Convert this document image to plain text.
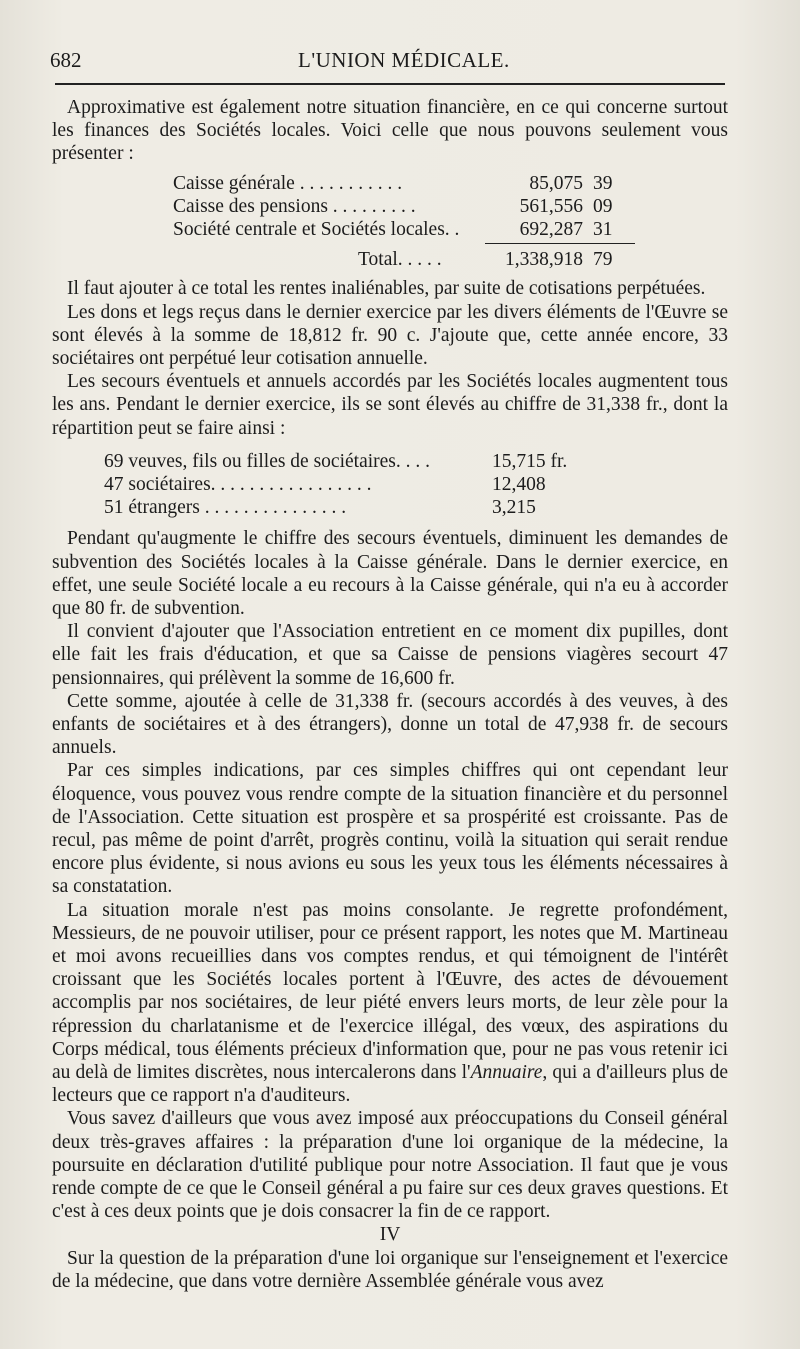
682	L'UNION MÉDICALE.

Approximative est également notre situation financière, en ce qui concerne surtout les finances des Sociétés locales. Voici celle que nous pouvons seulement vous présenter :

Caisse générale . . . . . . . . . . .	85,075 39
Caisse des pensions . . . . . . . . .	561,556 09
Société centrale et Sociétés locales. .	692,287 31
Total. . . . .	1,338,918 79

Il faut ajouter à ce total les rentes inaliénables, par suite de cotisations perpétuées.

Les dons et legs reçus dans le dernier exercice par les divers éléments de l'Œuvre se sont élevés à la somme de 18,812 fr. 90 c. J'ajoute que, cette année encore, 33 sociétaires ont perpétué leur cotisation annuelle.

Les secours éventuels et annuels accordés par les Sociétés locales augmentent tous les ans. Pendant le dernier exercice, ils se sont élevés au chiffre de 31,338 fr., dont la répartition peut se faire ainsi :

69 veuves, fils ou filles de sociétaires. . . .	15,715 fr.
47 sociétaires. . . . . . . . . . . . . . . . .	12,408
51 étrangers . . . . . . . . . . . . . . .	3,215

Pendant qu'augmente le chiffre des secours éventuels, diminuent les demandes de subvention des Sociétés locales à la Caisse générale. Dans le dernier exercice, en effet, une seule Société locale a eu recours à la Caisse générale, qui n'a eu à accorder que 80 fr. de subvention.

Il convient d'ajouter que l'Association entretient en ce moment dix pupilles, dont elle fait les frais d'éducation, et que sa Caisse de pensions viagères secourt 47 pensionnaires, qui prélèvent la somme de 16,600 fr.

Cette somme, ajoutée à celle de 31,338 fr. (secours accordés à des veuves, à des enfants de sociétaires et à des étrangers), donne un total de 47,938 fr. de secours annuels.

Par ces simples indications, par ces simples chiffres qui ont cependant leur éloquence, vous pouvez vous rendre compte de la situation financière et du personnel de l'Association. Cette situation est prospère et sa prospérité est croissante. Pas de recul, pas même de point d'arrêt, progrès continu, voilà la situation qui serait rendue encore plus évidente, si nous avions eu sous les yeux tous les éléments nécessaires à sa constatation.

La situation morale n'est pas moins consolante. Je regrette profondément, Messieurs, de ne pouvoir utiliser, pour ce présent rapport, les notes que M. Martineau et moi avons recueillies dans vos comptes rendus, et qui témoignent de l'intérêt croissant que les Sociétés locales portent à l'Œuvre, des actes de dévouement accomplis par nos sociétaires, de leur piété envers leurs morts, de leur zèle pour la répression du charlatanisme et de l'exercice illégal, des vœux, des aspirations du Corps médical, tous éléments précieux d'information que, pour ne pas vous retenir ici au delà de limites discrètes, nous intercalerons dans l'Annuaire, qui a d'ailleurs plus de lecteurs que ce rapport n'a d'auditeurs.

Vous savez d'ailleurs que vous avez imposé aux préoccupations du Conseil général deux très-graves affaires : la préparation d'une loi organique de la médecine, la poursuite en déclaration d'utilité publique pour notre Association. Il faut que je vous rende compte de ce que le Conseil général a pu faire sur ces deux graves questions. Et c'est à ces deux points que je dois consacrer la fin de ce rapport.

IV

Sur la question de la préparation d'une loi organique sur l'enseignement et l'exercice de la médecine, que dans votre dernière Assemblée générale vous avez
